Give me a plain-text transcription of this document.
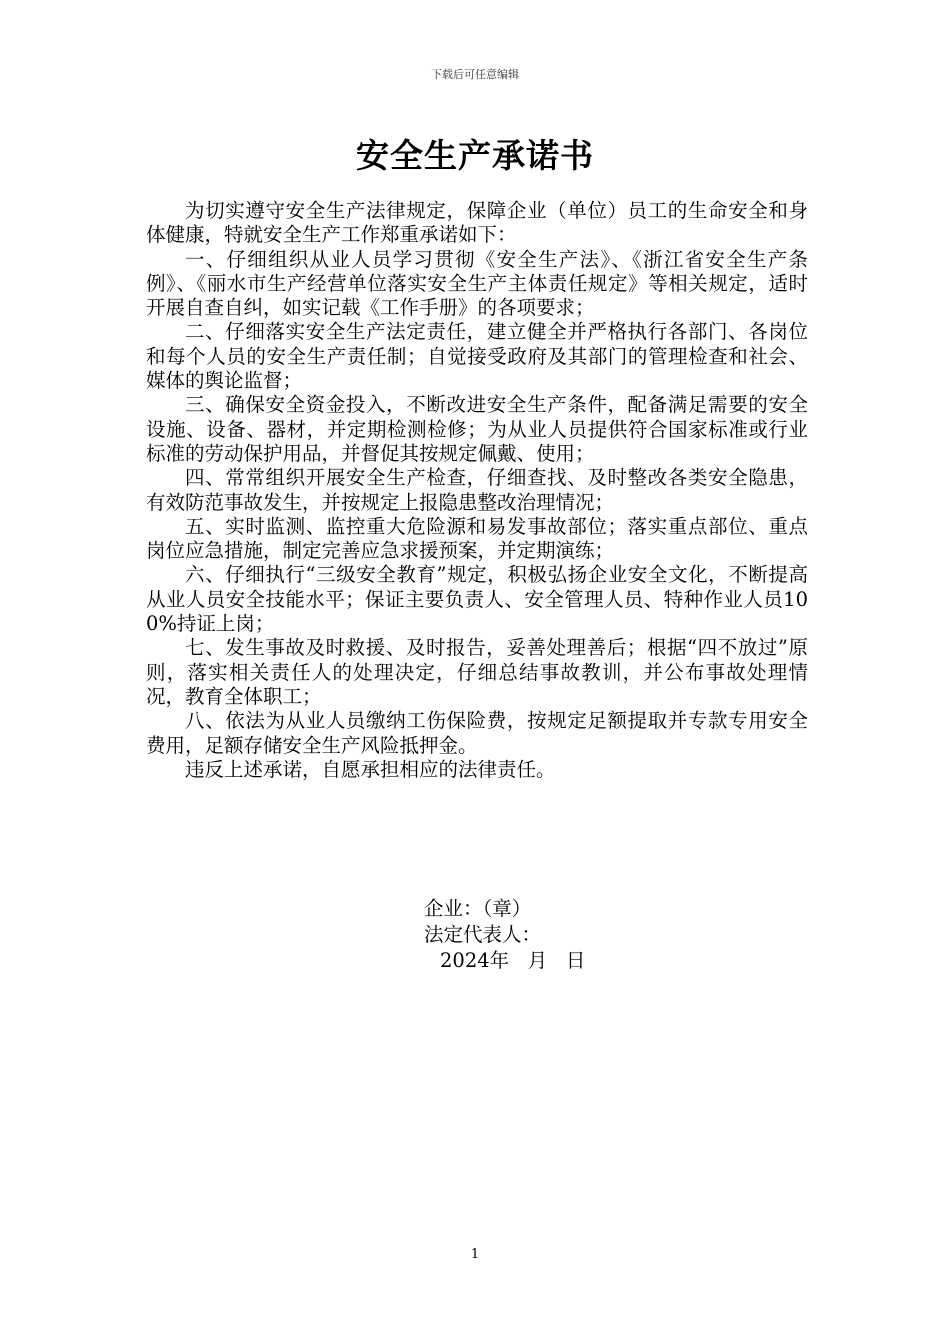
下载后可任意编辑
安全生产承诺书

为切实遵守安全生产法律规定，保障企业（单位）员工的生命安全和身体健康，特就安全生产工作郑重承诺如下：

一、仔细组织从业人员学习贯彻《安全生产法》、《浙江省安全生产条例》、《丽水市生产经营单位落实安全生产主体责任规定》等相关规定，适时开展自查自纠，如实记载《工作手册》的各项要求；

二、仔细落实安全生产法定责任，建立健全并严格执行各部门、各岗位和每个人员的安全生产责任制；自觉接受政府及其部门的管理检查和社会、媒体的舆论监督；

三、确保安全资金投入，不断改进安全生产条件，配备满足需要的安全设施、设备、器材，并定期检测检修；为从业人员提供符合国家标准或行业标准的劳动保护用品，并督促其按规定佩戴、使用；

四、常常组织开展安全生产检查，仔细查找、及时整改各类安全隐患，有效防范事故发生，并按规定上报隐患整改治理情况；

五、实时监测、监控重大危险源和易发事故部位；落实重点部位、重点岗位应急措施，制定完善应急求援预案，并定期演练；

六、仔细执行“三级安全教育”规定，积极弘扬企业安全文化，不断提高从业人员安全技能水平；保证主要负责人、安全管理人员、特种作业人员100%持证上岗；

七、发生事故及时救援、及时报告，妥善处理善后；根据“四不放过”原则，落实相关责任人的处理决定，仔细总结事故教训，并公布事故处理情况，教育全体职工；

八、依法为从业人员缴纳工伤保险费，按规定足额提取并专款专用安全费用，足额存储安全生产风险抵押金。

违反上述承诺，自愿承担相应的法律责任。

企业：（章）
法定代表人：
2024年   月   日
1
